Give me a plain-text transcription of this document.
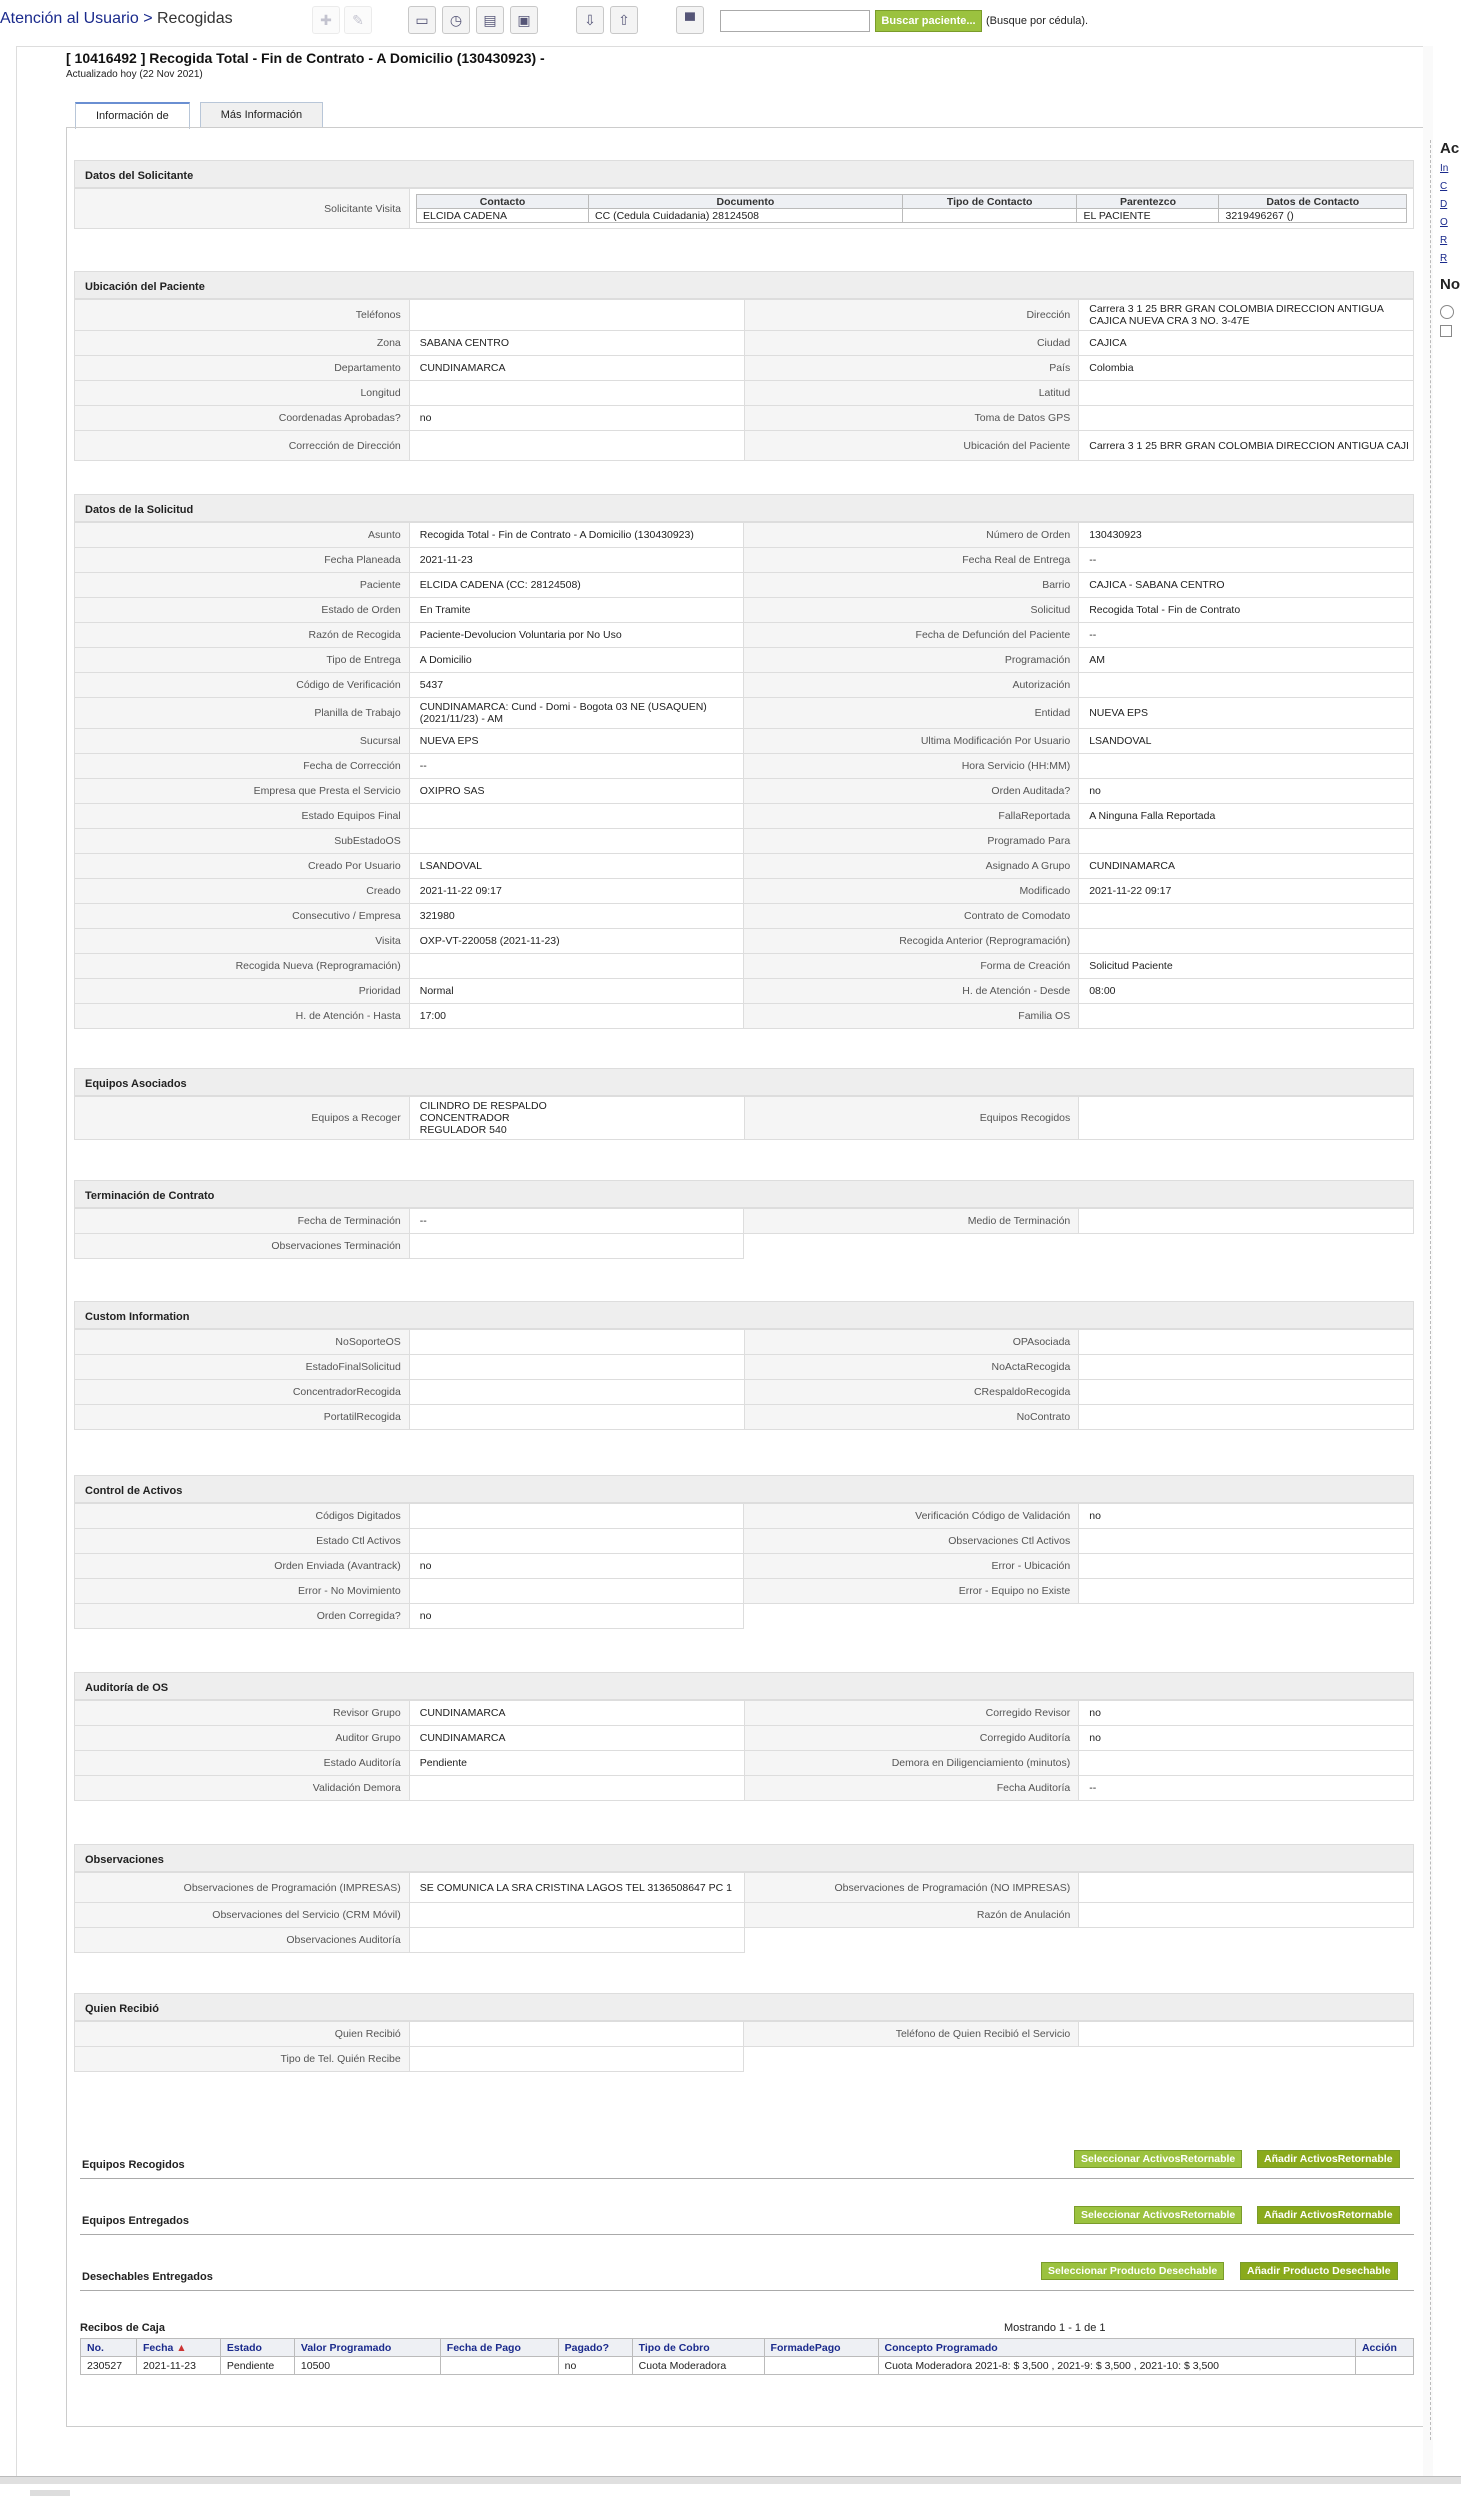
Atención al Usuario > Recogidas	✚	✎	▭	◷	▤	▣	⇩	⇧	▀	Buscar paciente... (Busque por cédula).
Ac
In
C
D
O
R
R
No
[ 10416492 ] Recogida Total - Fin de Contrato - A Domicilio (130430923) -
Actualizado hoy (22 Nov 2021)
Información de	Más Información
Datos del Solicitante
Solicitante Visita	
Contacto	Documento	Tipo de Contacto	Parentezco	Datos de Contacto
ELCIDA CADENA	CC (Cedula Cuidadania) 28124508		EL PACIENTE	3219496267 ()
Ubicación del Paciente
Teléfonos		Dirección	Carrera 3 1 25 BRR GRAN COLOMBIA DIRECCION ANTIGUA CAJICA NUEVA CRA 3 NO. 3-47E
Zona	SABANA CENTRO	Ciudad	CAJICA
Departamento	CUNDINAMARCA	País	Colombia
Longitud		Latitud	
Coordenadas Aprobadas?	no	Toma de Datos GPS	
Corrección de Dirección		Ubicación del Paciente	Carrera 3 1 25 BRR GRAN COLOMBIA DIRECCION ANTIGUA CAJI
Datos de la Solicitud
Asunto	Recogida Total - Fin de Contrato - A Domicilio (130430923)	Número de Orden	130430923
Fecha Planeada	2021-11-23	Fecha Real de Entrega	--
Paciente	ELCIDA CADENA (CC: 28124508)	Barrio	CAJICA - SABANA CENTRO
Estado de Orden	En Tramite	Solicitud	Recogida Total - Fin de Contrato
Razón de Recogida	Paciente-Devolucion Voluntaria por No Uso	Fecha de Defunción del Paciente	--
Tipo de Entrega	A Domicilio	Programación	AM
Código de Verificación	5437	Autorización	
Planilla de Trabajo	CUNDINAMARCA: Cund - Domi - Bogota 03 NE (USAQUEN) (2021/11/23) - AM	Entidad	NUEVA EPS
Sucursal	NUEVA EPS	Ultima Modificación Por Usuario	LSANDOVAL
Fecha de Corrección	--	Hora Servicio (HH:MM)	
Empresa que Presta el Servicio	OXIPRO SAS	Orden Auditada?	no
Estado Equipos Final		FallaReportada	A Ninguna Falla Reportada
SubEstadoOS		Programado Para	
Creado Por Usuario	LSANDOVAL	Asignado A Grupo	CUNDINAMARCA
Creado	2021-11-22 09:17	Modificado	2021-11-22 09:17
Consecutivo / Empresa	321980	Contrato de Comodato	
Visita	OXP-VT-220058 (2021-11-23)	Recogida Anterior (Reprogramación)	
Recogida Nueva (Reprogramación)		Forma de Creación	Solicitud Paciente
Prioridad	Normal	H. de Atención - Desde	08:00
H. de Atención - Hasta	17:00	Familia OS	
Equipos Asociados
Equipos a Recoger	
CILINDRO DE RESPALDO
CONCENTRADOR
REGULADOR 540
	Equipos Recogidos	
Terminación de Contrato
Fecha de Terminación	--	Medio de Terminación	
Observaciones Terminación			
Custom Information
NoSoporteOS		OPAsociada	
EstadoFinalSolicitud		NoActaRecogida	
ConcentradorRecogida		CRespaldoRecogida	
PortatilRecogida		NoContrato	
Control de Activos
Códigos Digitados		Verificación Código de Validación	no
Estado Ctl Activos		Observaciones Ctl Activos	
Orden Enviada (Avantrack)	no	Error - Ubicación	
Error - No Movimiento		Error - Equipo no Existe	
Orden Corregida?	no		
Auditoría de OS
Revisor Grupo	CUNDINAMARCA	Corregido Revisor	no
Auditor Grupo	CUNDINAMARCA	Corregido Auditoría	no
Estado Auditoría	Pendiente	Demora en Diligenciamiento (minutos)	
Validación Demora		Fecha Auditoría	--
Observaciones
Observaciones de Programación (IMPRESAS)	SE COMUNICA LA SRA CRISTINA LAGOS TEL 3136508647 PC 1	Observaciones de Programación (NO IMPRESAS)	
Observaciones del Servicio (CRM Móvil)		Razón de Anulación	
Observaciones Auditoría			
Quien Recibió
Quien Recibió		Teléfono de Quien Recibió el Servicio	
Tipo de Tel. Quién Recibe			
Equipos Recogidos	Seleccionar ActivosRetornable	Añadir ActivosRetornable
Equipos Entregados	Seleccionar ActivosRetornable	Añadir ActivosRetornable
Desechables Entregados	Seleccionar Producto Desechable	Añadir Producto Desechable
Recibos de Caja	Mostrando 1 - 1 de 1
No.	Fecha ▲	Estado	Valor Programado	Fecha de Pago	Pagado?	Tipo de Cobro	FormadePago	Concepto Programado	Acción
230527	2021-11-23	Pendiente	10500		no	Cuota Moderadora		Cuota Moderadora 2021-8: $ 3,500 , 2021-9: $ 3,500 , 2021-10: $ 3,500	
